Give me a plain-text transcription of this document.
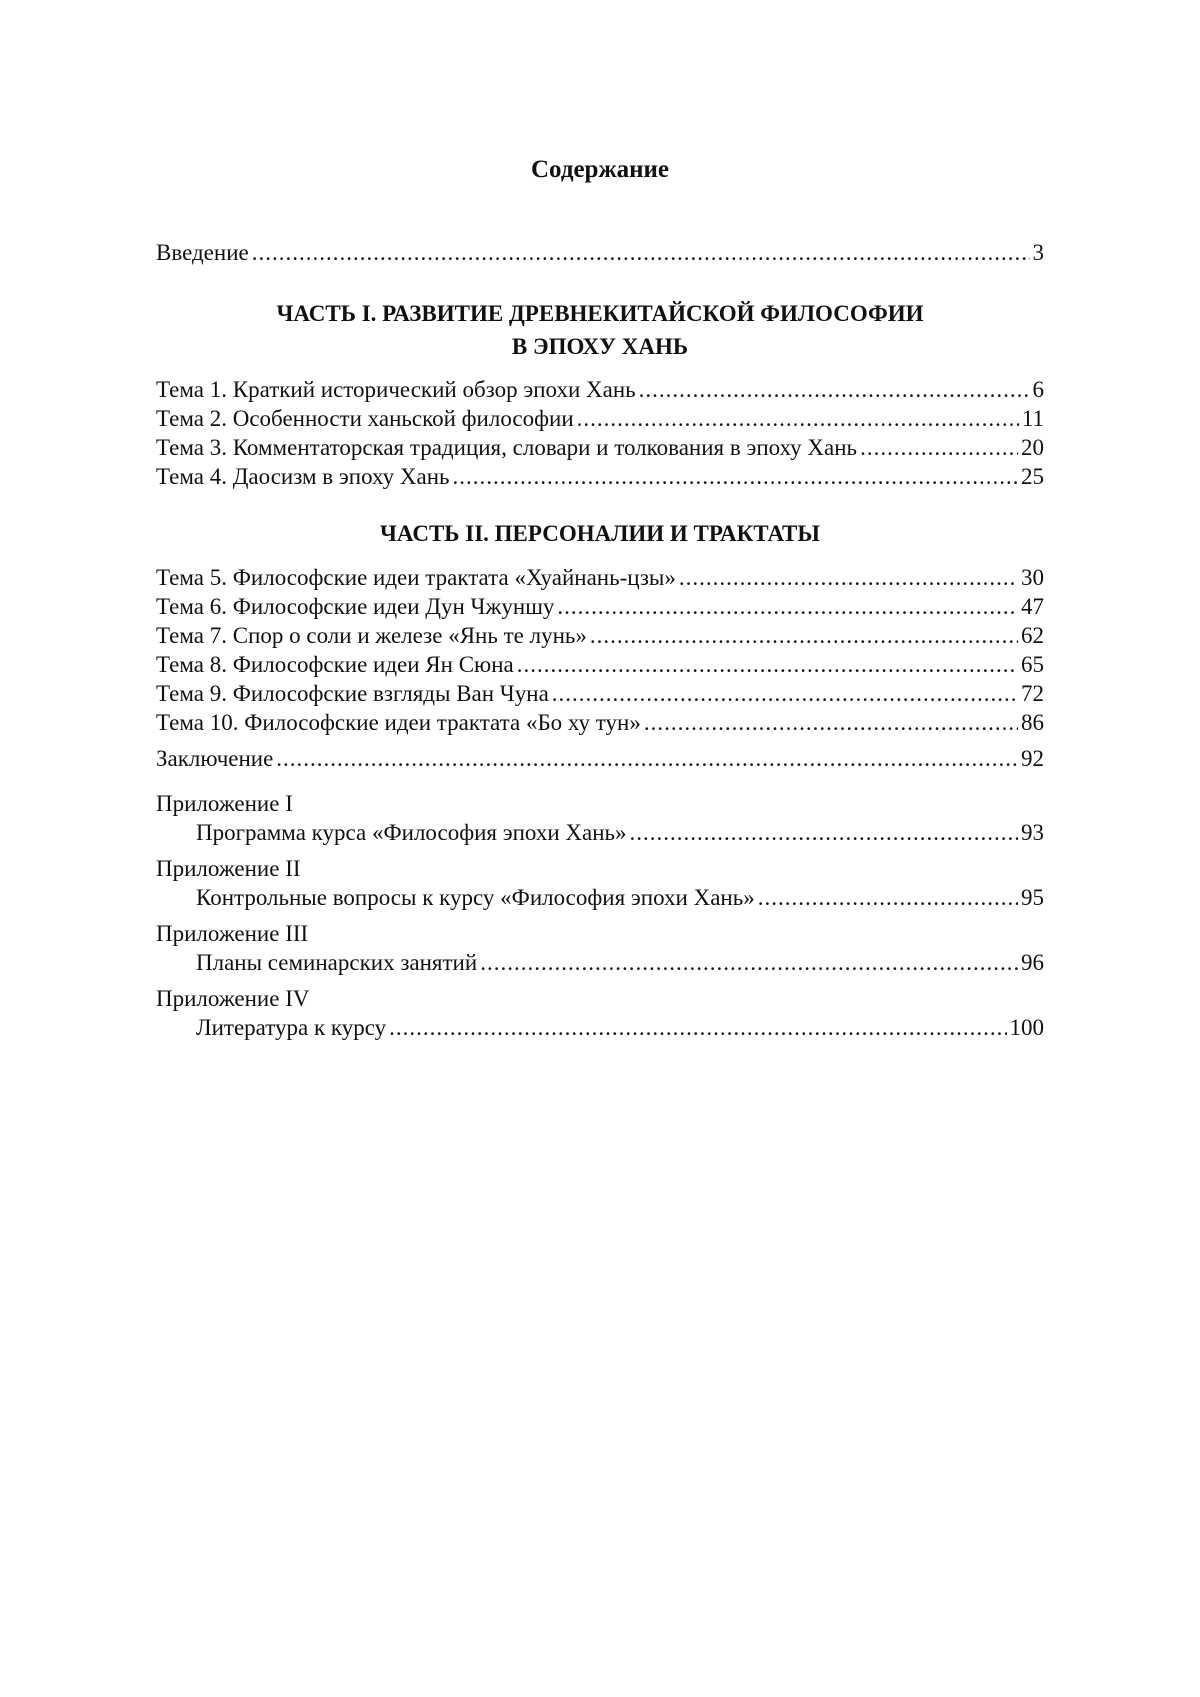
Содержание
Введение .....	3
ЧАСТЬ I. РАЗВИТИЕ ДРЕВНЕКИТАЙСКОЙ ФИЛОСОФИИ
В ЭПОХУ ХАНЬ
Тема 1. Краткий исторический обзор эпохи Хань .....	6
Тема 2. Особенности ханьской философии .....	11
Тема 3. Комментаторская традиция, словари и толкования в эпоху Хань .....	20
Тема 4. Даосизм в эпоху Хань .....	25
ЧАСТЬ II. ПЕРСОНАЛИИ И ТРАКТАТЫ
Тема 5. Философские идеи трактата «Хуайнань-цзы» .....	30
Тема 6. Философские идеи Дун Чжуншу .....	47
Тема 7. Спор о соли и железе «Янь те лунь» .....	62
Тема 8. Философские идеи Ян Сюна .....	65
Тема 9. Философские взгляды Ван Чуна .....	72
Тема 10. Философские идеи трактата «Бо ху тун» .....	86
Заключение .....	92
Приложение I
Программа курса «Философия эпохи Хань» .....	93
Приложение II
Контрольные вопросы к курсу «Философия эпохи Хань» .....	95
Приложение III
Планы семинарских занятий .....	96
Приложение IV
Литература к курсу .....	100
